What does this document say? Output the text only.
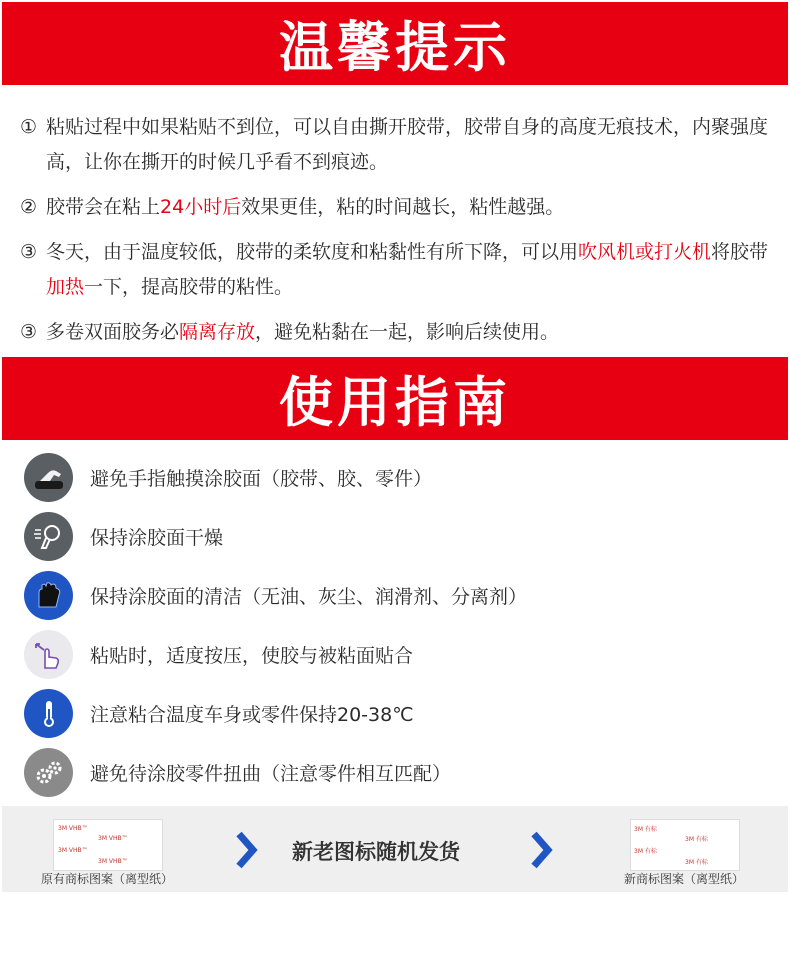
温馨提示
① 粘贴过程中如果粘贴不到位，可以自由撕开胶带，胶带自身的高度无痕技术，内聚强度高，让你在撕开的时候几乎看不到痕迹。
② 胶带会在粘上24小时后效果更佳，粘的时间越长，粘性越强。
③ 冬天，由于温度较低，胶带的柔软度和粘黏性有所下降，可以用吹风机或打火机将胶带加热一下，提高胶带的粘性。
③ 多卷双面胶务必隔离存放，避免粘黏在一起，影响后续使用。
使用指南
避免手指触摸涂胶面（胶带、胶、零件）
保持涂胶面干燥
保持涂胶面的清洁（无油、灰尘、润滑剂、分离剂）
粘贴时，适度按压，使胶与被粘面贴合
注意粘合温度车身或零件保持20-38℃
避免待涂胶零件扭曲（注意零件相互匹配）
3M VHB™
3M VHB™
3M VHB™
3M VHB™
原有商标图案（离型纸）
新老图标随机发货
3M 有标
3M 有标
3M 有标
3M 有标
新商标图案（离型纸）
